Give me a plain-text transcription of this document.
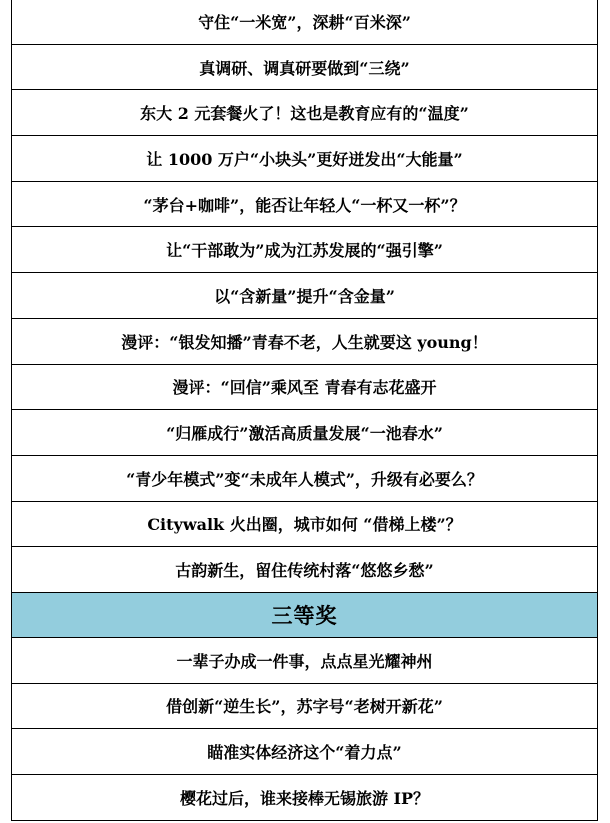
守住“一米宽”，深耕“百米深”
真调研、调真研要做到“三绕”
东大 2 元套餐火了！这也是教育应有的“温度”
让 1000 万户“小块头”更好迸发出“大能量”
“茅台+咖啡”，能否让年轻人“一杯又一杯”？
让“干部敢为”成为江苏发展的“强引擎”
以“含新量”提升“含金量”
漫评：“银发知播”青春不老，人生就要这 young！
漫评：“回信”乘风至 青春有志花盛开
“归雁成行”激活高质量发展“一池春水”
“青少年模式”变“未成年人模式”，升级有必要么？
Citywalk 火出圈，城市如何 “借梯上楼”？
古韵新生，留住传统村落“悠悠乡愁”
三等奖
一辈子办成一件事，点点星光耀神州
借创新“逆生长”，苏字号“老树开新花”
瞄准实体经济这个“着力点”
樱花过后，谁来接棒无锡旅游 IP？
